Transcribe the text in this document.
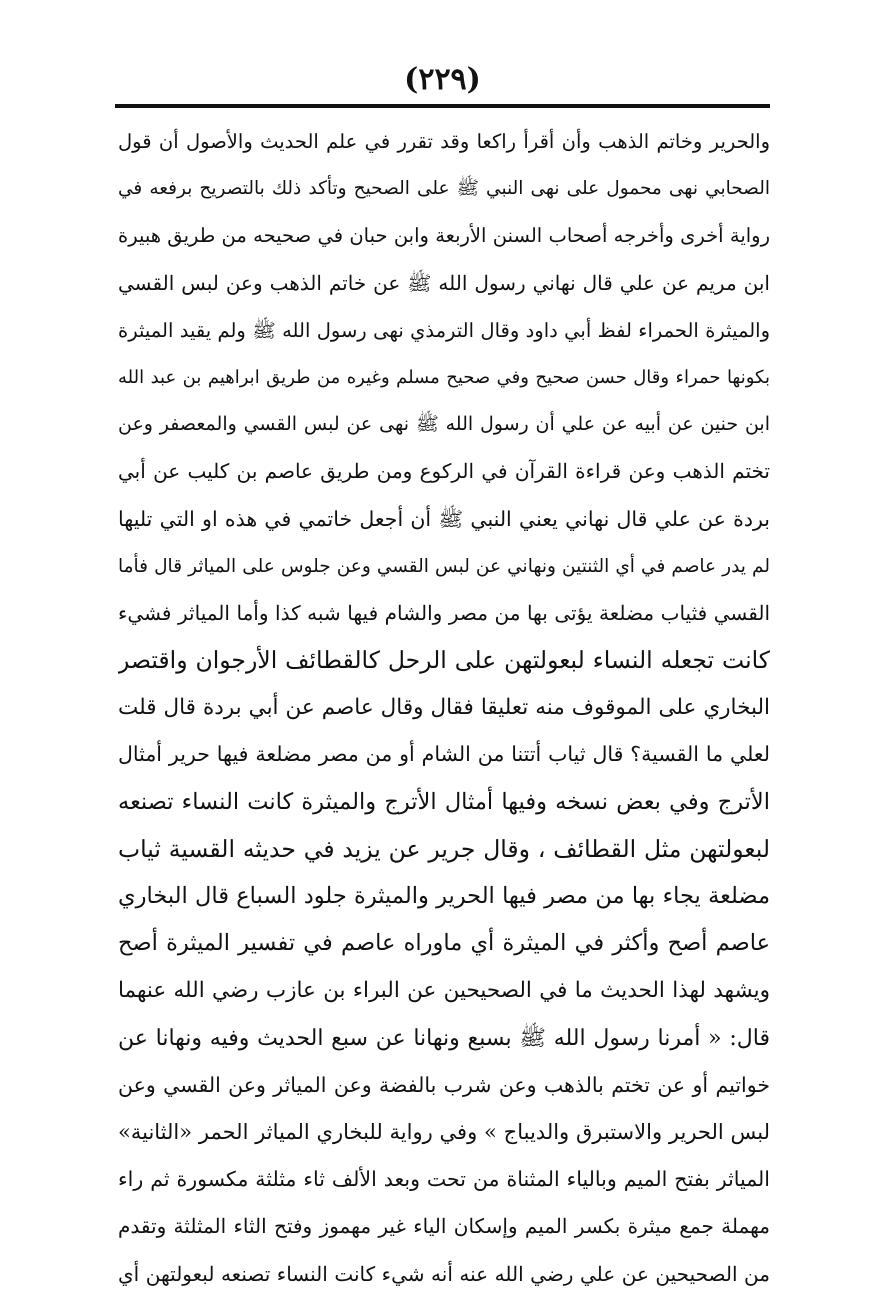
(٢٢٩)
والحرير وخاتم الذهب وأن أقرأ راكعا وقد تقرر في علم الحديث والأصول أن قول
الصحابي نهى محمول على نهى النبي ﷺ على الصحيح وتأكد ذلك بالتصريح برفعه في
رواية أخرى وأخرجه أصحاب السنن الأربعة وابن حبان في صحيحه من طريق هبيرة
ابن مريم عن علي قال نهاني رسول الله ﷺ عن خاتم الذهب وعن لبس القسي
والميثرة الحمراء لفظ أبي داود وقال الترمذي نهى رسول الله ﷺ ولم يقيد الميثرة
بكونها حمراء وقال حسن صحيح وفي صحيح مسلم وغيره من طريق ابراهيم بن عبد الله
ابن حنين عن أبيه عن علي أن رسول الله ﷺ نهى عن لبس القسي والمعصفر وعن
تختم الذهب وعن قراءة القرآن في الركوع ومن طريق عاصم بن كليب عن أبي
بردة عن علي قال نهاني يعني النبي ﷺ أن أجعل خاتمي في هذه او التي تليها
لم يدر عاصم في أي الثنتين ونهاني عن لبس القسي وعن جلوس على المياثر قال فأما
القسي فثياب مضلعة يؤتى بها من مصر والشام فيها شبه كذا وأما المياثر فشيء
كانت تجعله النساء لبعولتهن على الرحل كالقطائف الأرجوان واقتصر
البخاري على الموقوف منه تعليقا فقال وقال عاصم عن أبي بردة قال قلت
لعلي ما القسية؟ قال ثياب أتتنا من الشام أو من مصر مضلعة فيها حرير أمثال
الأترج وفي بعض نسخه وفيها أمثال الأترج والميثرة كانت النساء تصنعه
لبعولتهن مثل القطائف ، وقال جرير عن يزيد في حديثه القسية ثياب
مضلعة يجاء بها من مصر فيها الحرير والميثرة جلود السباع قال البخاري
عاصم أصح وأكثر في الميثرة أي ماوراه عاصم في تفسير الميثرة أصح
ويشهد لهذا الحديث ما في الصحيحين عن البراء بن عازب رضي الله عنهما
قال: « أمرنا رسول الله ﷺ بسبع ونهانا عن سبع الحديث وفيه ونهانا عن
خواتيم أو عن تختم بالذهب وعن شرب بالفضة وعن المياثر وعن القسي وعن
لبس الحرير والاستبرق والديباج » وفي رواية للبخاري المياثر الحمر «الثانية»
المياثر بفتح الميم وبالياء المثناة من تحت وبعد الألف ثاء مثلثة مكسورة ثم راء
مهملة جمع ميثرة بكسر الميم وإسكان الياء غير مهموز وفتح الثاء المثلثة وتقدم
من الصحيحين عن علي رضي الله عنه أنه شيء كانت النساء تصنعه لبعولتهن أي
